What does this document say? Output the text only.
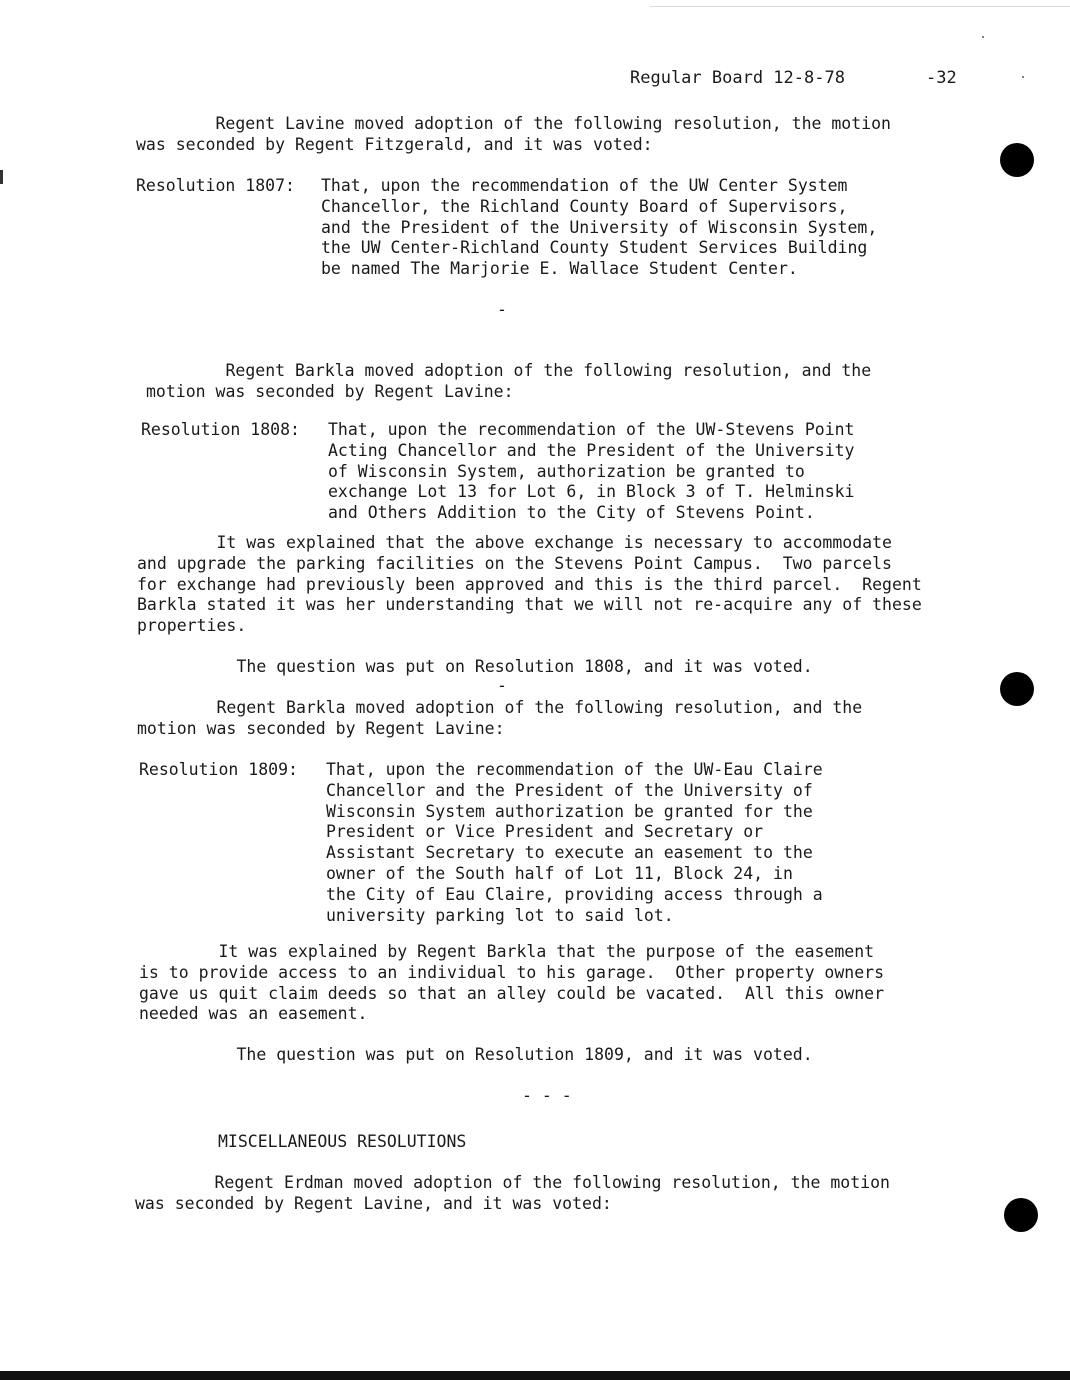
Regular Board 12-8-78	-32
Regent Lavine moved adoption of the following resolution, the motion
was seconded by Regent Fitzgerald, and it was voted:
Resolution 1807: That, upon the recommendation of the UW Center System
Chancellor, the Richland County Board of Supervisors,
and the President of the University of Wisconsin System,
the UW Center-Richland County Student Services Building
be named The Marjorie E. Wallace Student Center.
-
Regent Barkla moved adoption of the following resolution, and the
motion was seconded by Regent Lavine:
Resolution 1808: That, upon the recommendation of the UW-Stevens Point
Acting Chancellor and the President of the University
of Wisconsin System, authorization be granted to
exchange Lot 13 for Lot 6, in Block 3 of T. Helminski
and Others Addition to the City of Stevens Point.
It was explained that the above exchange is necessary to accommodate
and upgrade the parking facilities on the Stevens Point Campus.  Two parcels
for exchange had previously been approved and this is the third parcel.  Regent
Barkla stated it was her understanding that we will not re-acquire any of these
properties.
The question was put on Resolution 1808, and it was voted.
-
Regent Barkla moved adoption of the following resolution, and the
motion was seconded by Regent Lavine:
Resolution 1809: That, upon the recommendation of the UW-Eau Claire
Chancellor and the President of the University of
Wisconsin System authorization be granted for the
President or Vice President and Secretary or
Assistant Secretary to execute an easement to the
owner of the South half of Lot 11, Block 24, in
the City of Eau Claire, providing access through a
university parking lot to said lot.
It was explained by Regent Barkla that the purpose of the easement
is to provide access to an individual to his garage.  Other property owners
gave us quit claim deeds so that an alley could be vacated.  All this owner
needed was an easement.
The question was put on Resolution 1809, and it was voted.
- - -
MISCELLANEOUS RESOLUTIONS
Regent Erdman moved adoption of the following resolution, the motion
was seconded by Regent Lavine, and it was voted:
